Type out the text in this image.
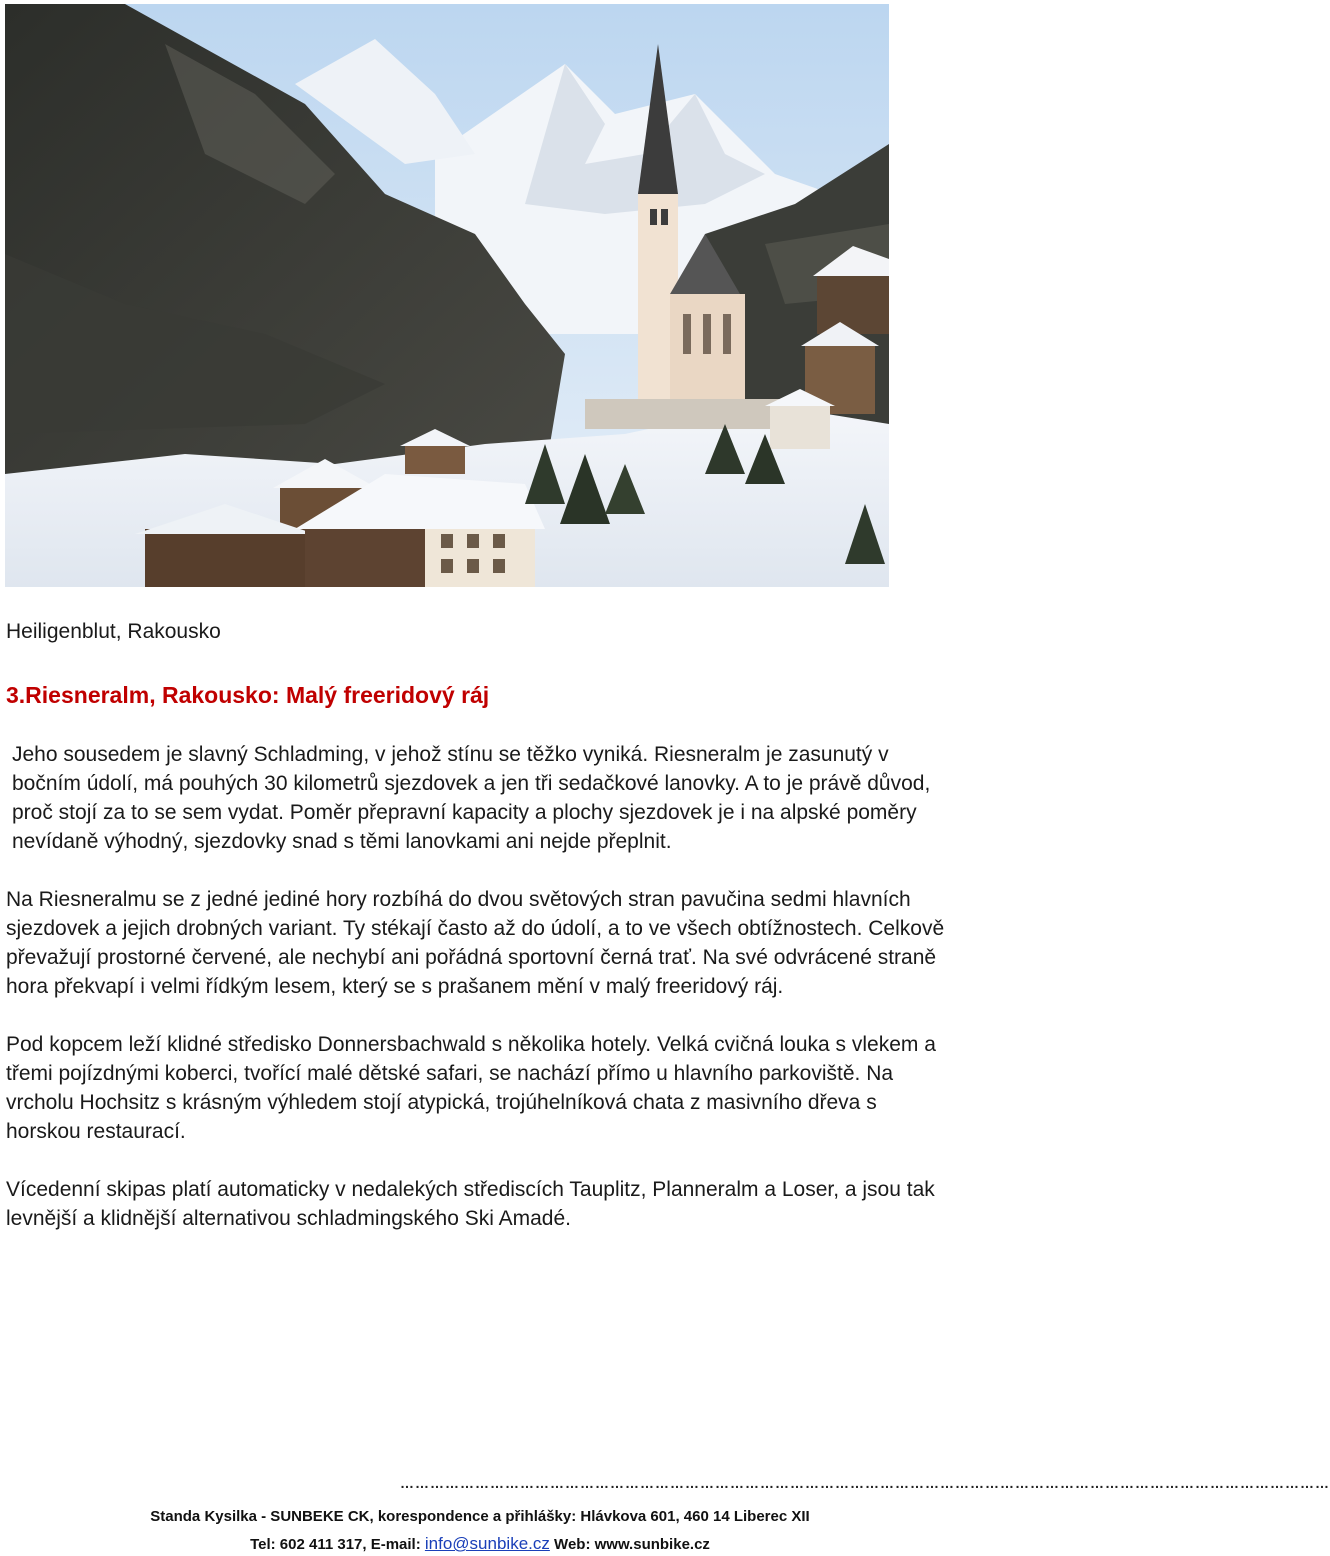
Heiligenblut, Rakousko
3.Riesneralm, Rakousko: Malý freeridový ráj

Jeho sousedem je slavný Schladming, v jehož stínu se těžko vyniká. Riesneralm je zasunutý v bočním údolí, má pouhých 30 kilometrů sjezdovek a jen tři sedačkové lanovky. A to je právě důvod, proč stojí za to se sem vydat. Poměr přepravní kapacity a plochy sjezdovek je i na alpské poměry nevídaně výhodný, sjezdovky snad s těmi lanovkami ani nejde přeplnit.

Na Riesneralmu se z jedné jediné hory rozbíhá do dvou světových stran pavučina sedmi hlavních sjezdovek a jejich drobných variant. Ty stékají často až do údolí, a to ve všech obtížnostech. Celkově převažují prostorné červené, ale nechybí ani pořádná sportovní černá trať. Na své odvrácené straně hora překvapí i velmi řídkým lesem, který se s prašanem mění v malý freeridový ráj.

Pod kopcem leží klidné středisko Donnersbachwald s několika hotely. Velká cvičná louka s vlekem a třemi pojízdnými koberci, tvořící malé dětské safari, se nachází přímo u hlavního parkoviště. Na vrcholu Hochsitz s krásným výhledem stojí atypická, trojúhelníková chata z masivního dřeva s horskou restaurací.

Vícedenní skipas platí automaticky v nedalekých střediscích Tauplitz, Planneralm a Loser, a jsou tak levnější a klidnější alternativou schladmingského Ski Amadé.

……………………………………………………………………………………………………………………………………………………………………
Standa Kysilka - SUNBEKE CK, korespondence a přihlášky: Hlávkova 601, 460 14 Liberec XII
Tel: 602 411 317, E-mail: info@sunbike.cz Web: www.sunbike.cz
